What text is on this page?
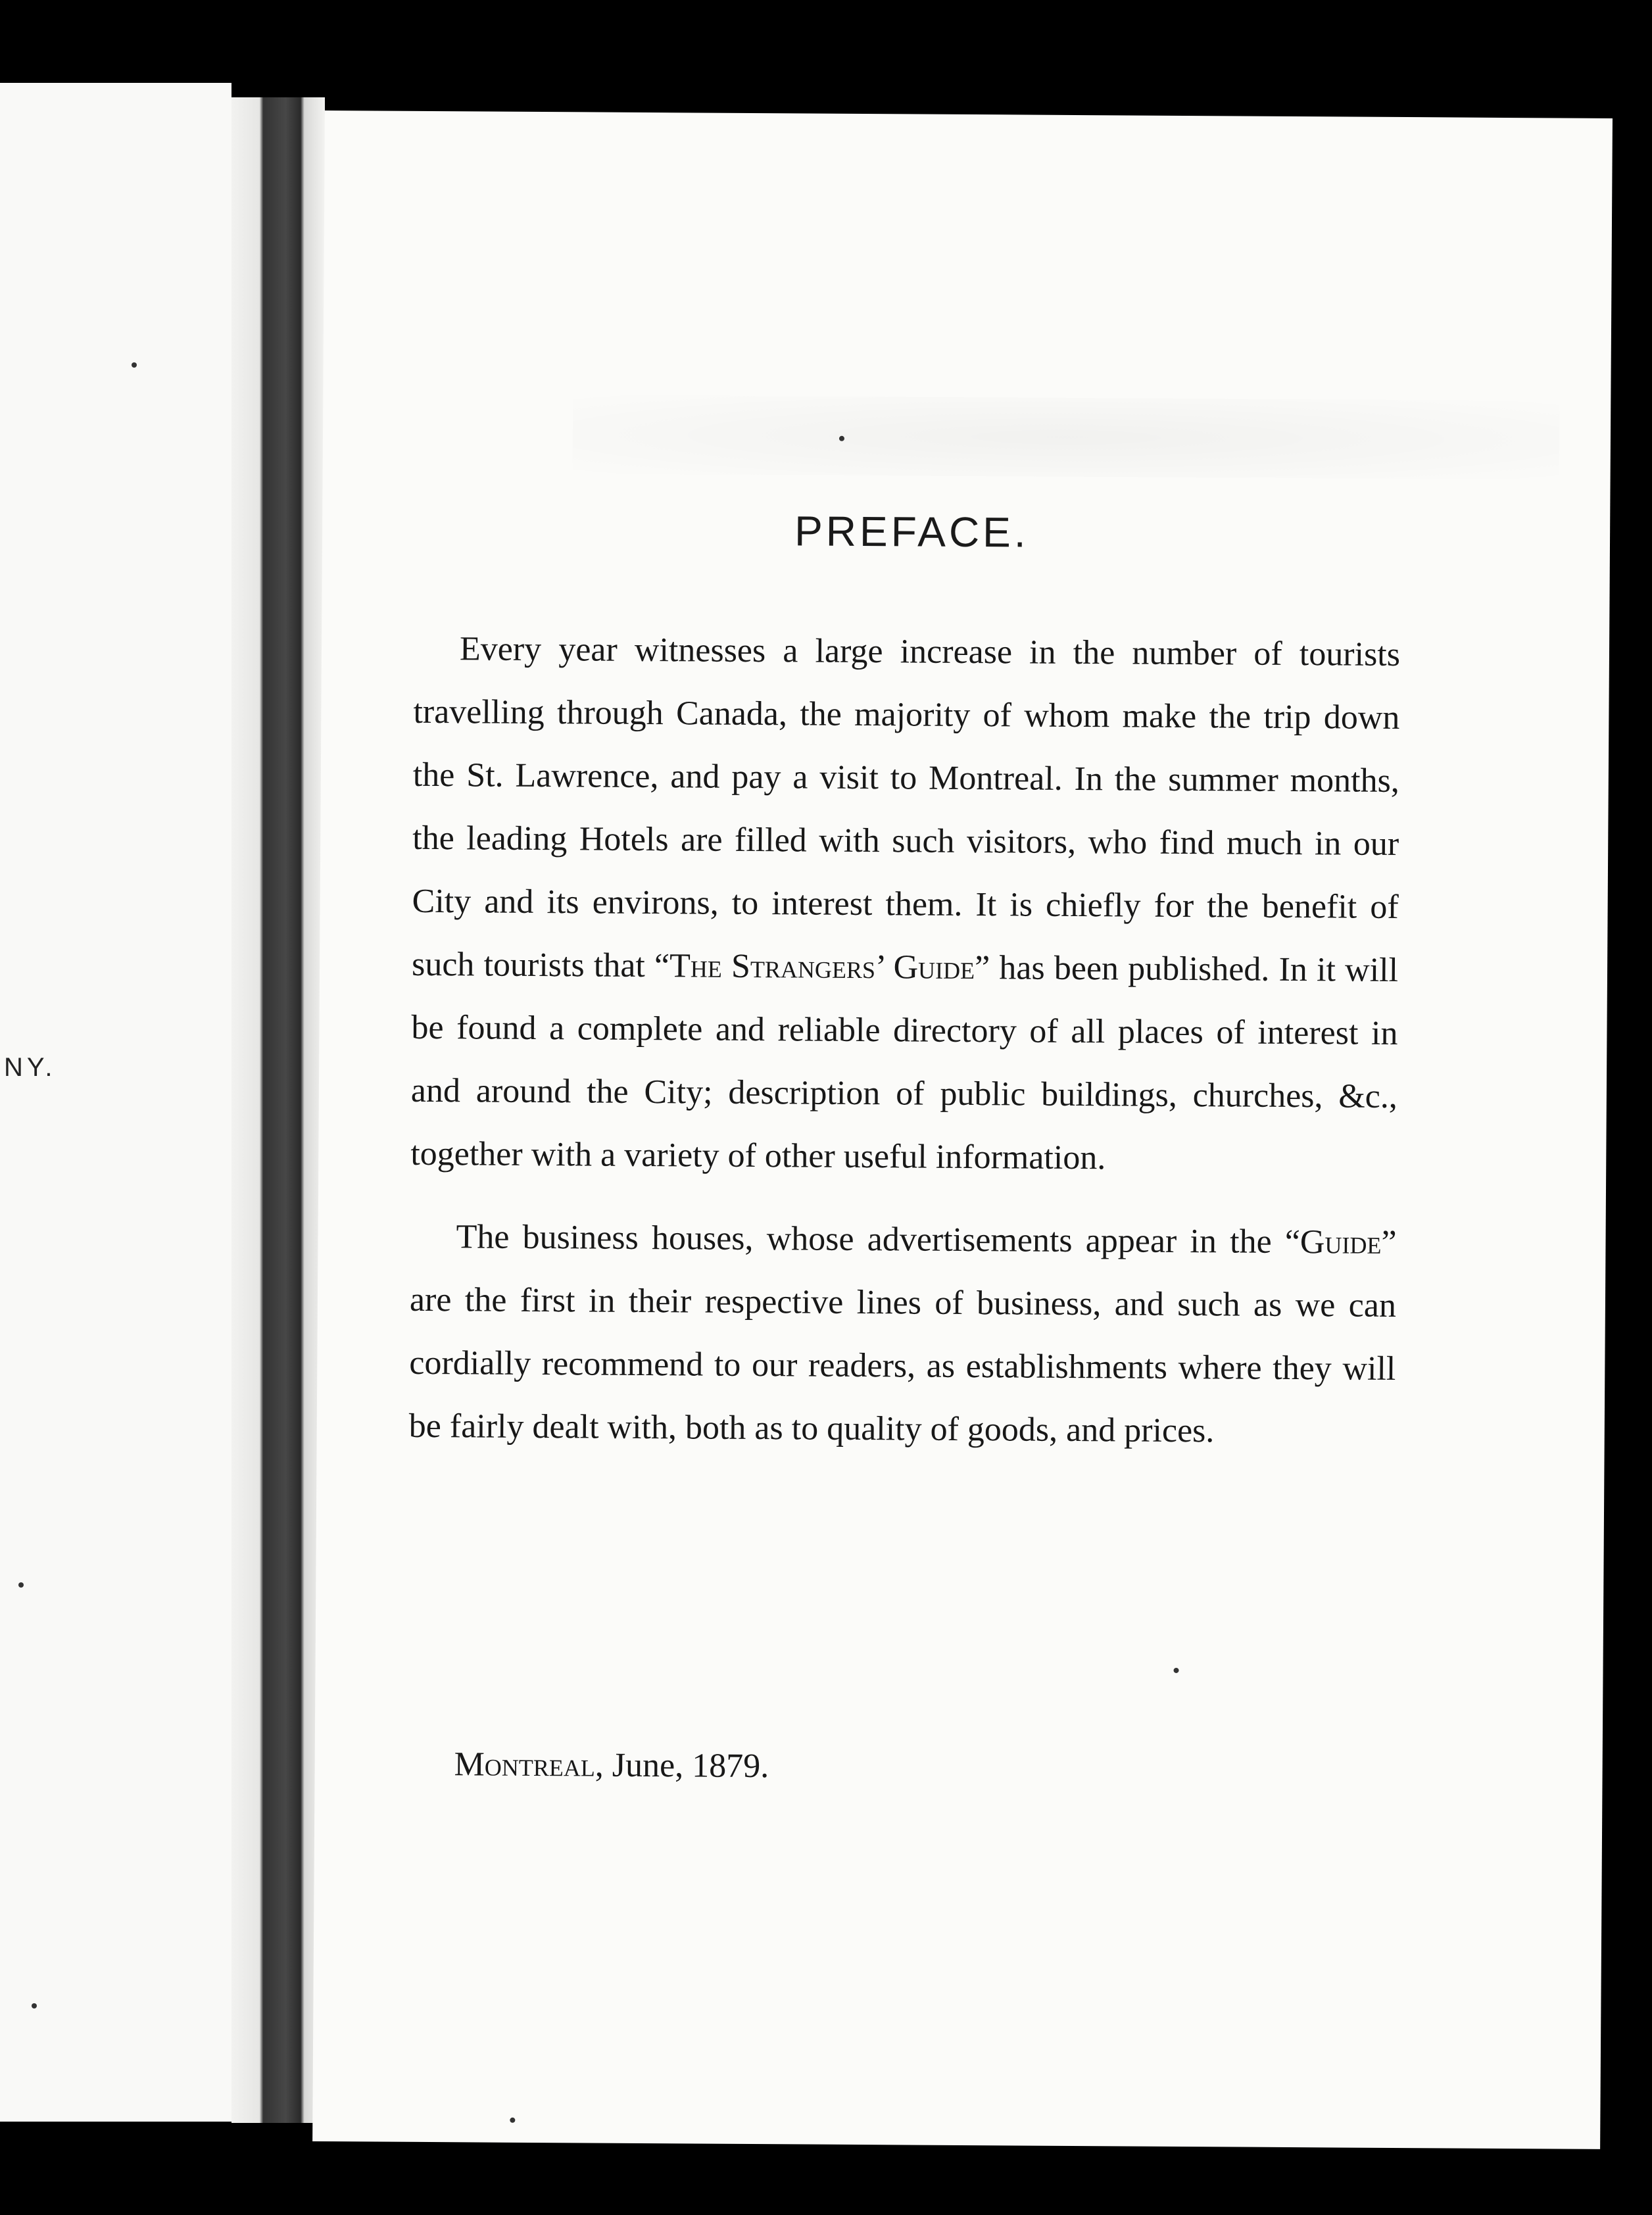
NY.
PREFACE.

Every year witnesses a large increase in the number of tourists travelling through Canada, the majority of whom make the trip down the St. Lawrence, and pay a visit to Montreal. In the summer months, the leading Hotels are filled with such visitors, who find much in our City and its environs, to interest them. It is chiefly for the benefit of such tourists that “The Strangers’ Guide” has been published. In it will be found a complete and reliable directory of all places of interest in and around the City; description of public buildings, churches, &c., together with a variety of other useful information.

The business houses, whose advertisements appear in the “Guide” are the first in their respective lines of business, and such as we can cordially recommend to our readers, as establishments where they will be fairly dealt with, both as to quality of goods, and prices.

Montreal, June, 1879.
